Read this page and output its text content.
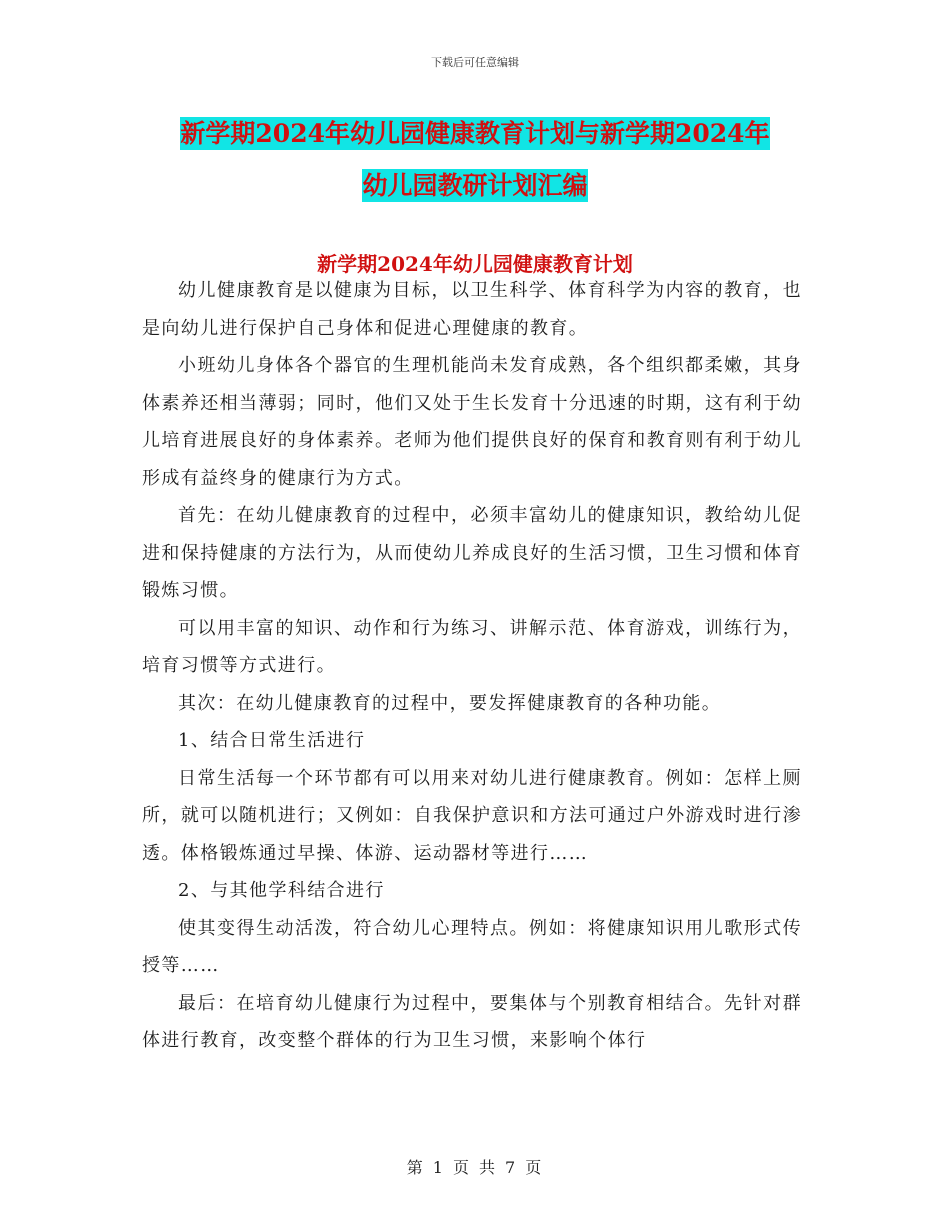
下载后可任意编辑
新学期2024年幼儿园健康教育计划与新学期2024年
幼儿园教研计划汇编
新学期2024年幼儿园健康教育计划

幼儿健康教育是以健康为目标，以卫生科学、体育科学为内容的教育，也是向幼儿进行保护自己身体和促进心理健康的教育。

小班幼儿身体各个器官的生理机能尚未发育成熟，各个组织都柔嫩，其身体素养还相当薄弱；同时，他们又处于生长发育十分迅速的时期，这有利于幼儿培育进展良好的身体素养。老师为他们提供良好的保育和教育则有利于幼儿形成有益终身的健康行为方式。

首先：在幼儿健康教育的过程中，必须丰富幼儿的健康知识，教给幼儿促进和保持健康的方法行为，从而使幼儿养成良好的生活习惯，卫生习惯和体育锻炼习惯。

可以用丰富的知识、动作和行为练习、讲解示范、体育游戏，训练行为，培育习惯等方式进行。

其次：在幼儿健康教育的过程中，要发挥健康教育的各种功能。

1、结合日常生活进行

日常生活每一个环节都有可以用来对幼儿进行健康教育。例如：怎样上厕所，就可以随机进行；又例如：自我保护意识和方法可通过户外游戏时进行渗透。体格锻炼通过早操、体游、运动器材等进行……

2、与其他学科结合进行

使其变得生动活泼，符合幼儿心理特点。例如：将健康知识用儿歌形式传授等……

最后：在培育幼儿健康行为过程中，要集体与个别教育相结合。先针对群体进行教育，改变整个群体的行为卫生习惯，来影响个体行

第 1 页 共 7 页
